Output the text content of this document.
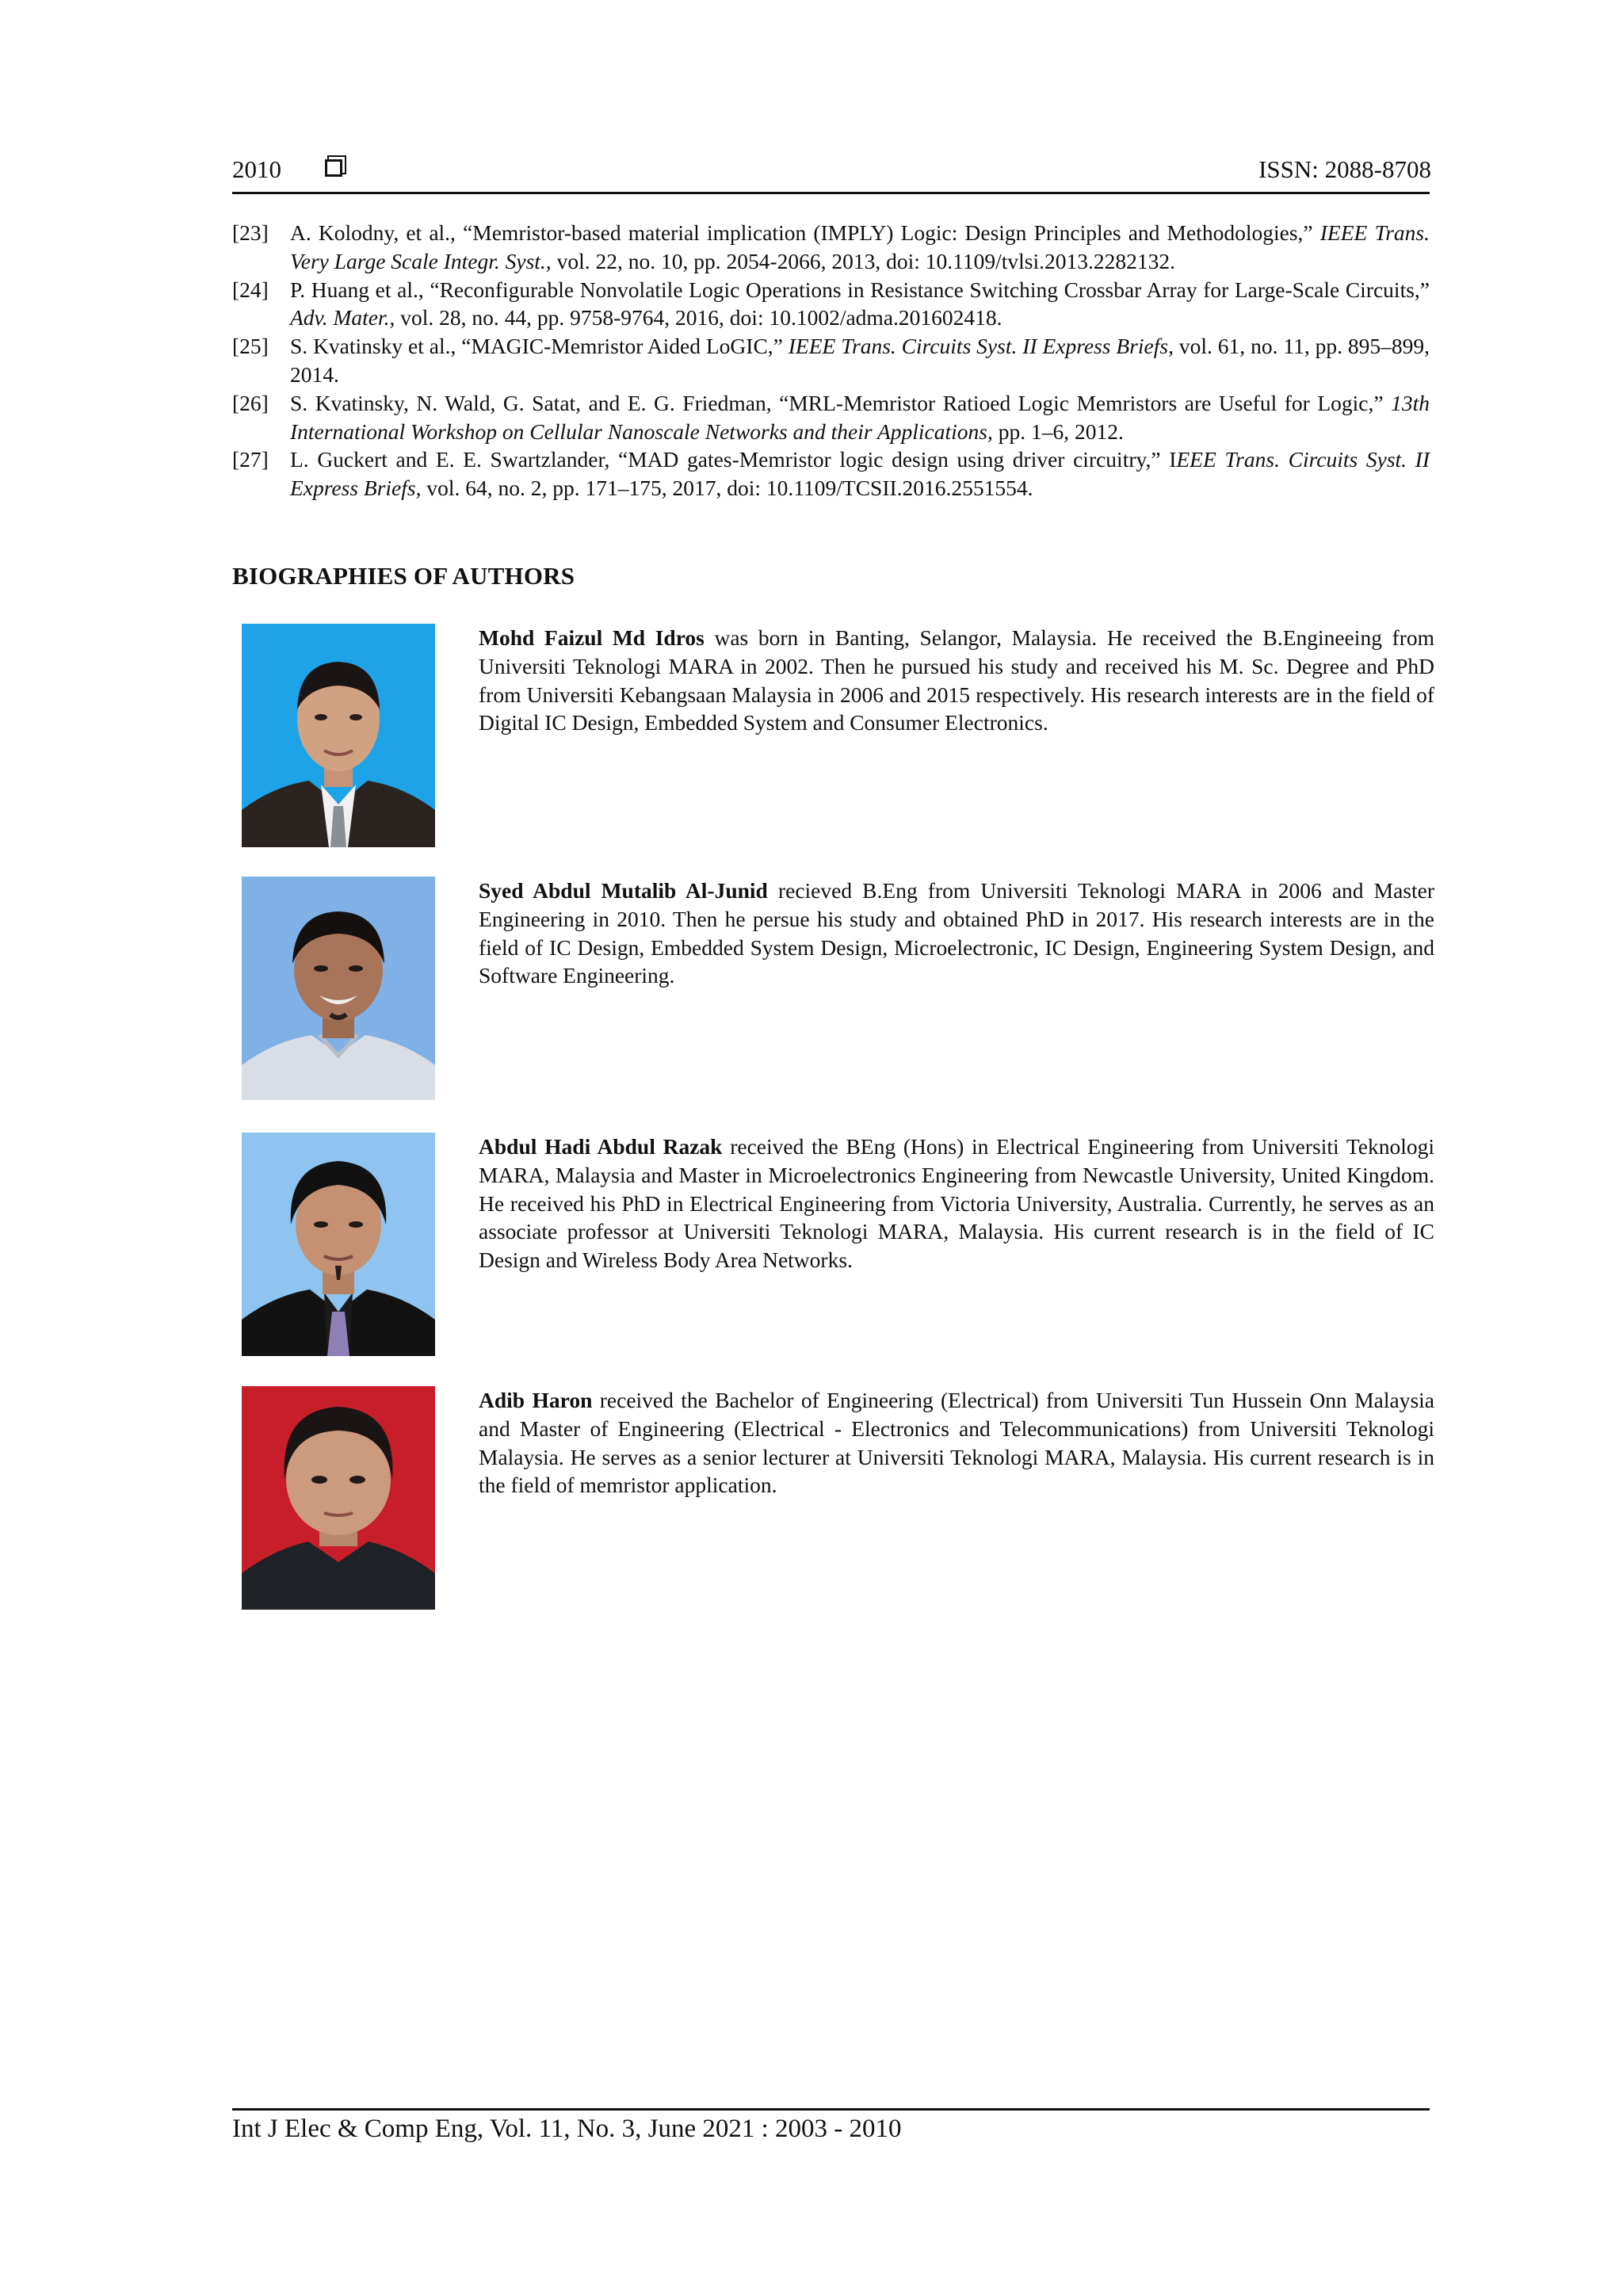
2010	ISSN: 2088-8708
[23] A. Kolodny, et al., “Memristor-based material implication (IMPLY) Logic: Design Principles and Methodologies,” IEEE Trans. Very Large Scale Integr. Syst., vol. 22, no. 10, pp. 2054-2066, 2013, doi: 10.1109/tvlsi.2013.2282132.
[24] P. Huang et al., “Reconfigurable Nonvolatile Logic Operations in Resistance Switching Crossbar Array for Large-Scale Circuits,” Adv. Mater., vol. 28, no. 44, pp. 9758-9764, 2016, doi: 10.1002/adma.201602418.
[25] S. Kvatinsky et al., “MAGIC-Memristor Aided LoGIC,” IEEE Trans. Circuits Syst. II Express Briefs, vol. 61, no. 11, pp. 895–899, 2014.
[26] S. Kvatinsky, N. Wald, G. Satat, and E. G. Friedman, “MRL-Memristor Ratioed Logic Memristors are Useful for Logic,” 13th International Workshop on Cellular Nanoscale Networks and their Applications, pp. 1–6, 2012.
[27] L. Guckert and E. E. Swartzlander, “MAD gates-Memristor logic design using driver circuitry,” IEEE Trans. Circuits Syst. II Express Briefs, vol. 64, no. 2, pp. 171–175, 2017, doi: 10.1109/TCSII.2016.2551554.
BIOGRAPHIES OF AUTHORS
Mohd Faizul Md Idros was born in Banting, Selangor, Malaysia. He received the B.Engineeing from Universiti Teknologi MARA in 2002. Then he pursued his study and received his M. Sc. Degree and PhD from Universiti Kebangsaan Malaysia in 2006 and 2015 respectively. His research interests are in the field of Digital IC Design, Embedded System and Consumer Electronics.
Syed Abdul Mutalib Al-Junid recieved B.Eng from Universiti Teknologi MARA in 2006 and Master Engineering in 2010. Then he persue his study and obtained PhD in 2017. His research interests are in the field of IC Design, Embedded System Design, Microelectronic, IC Design, Engineering System Design, and Software Engineering.
Abdul Hadi Abdul Razak received the BEng (Hons) in Electrical Engineering from Universiti Teknologi MARA, Malaysia and Master in Microelectronics Engineering from Newcastle University, United Kingdom. He received his PhD in Electrical Engineering from Victoria University, Australia. Currently, he serves as an associate professor at Universiti Teknologi MARA, Malaysia. His current research is in the field of IC Design and Wireless Body Area Networks.
Adib Haron received the Bachelor of Engineering (Electrical) from Universiti Tun Hussein Onn Malaysia and Master of Engineering (Electrical - Electronics and Telecommunications) from Universiti Teknologi Malaysia. He serves as a senior lecturer at Universiti Teknologi MARA, Malaysia. His current research is in the field of memristor application.
Int J Elec & Comp Eng, Vol. 11, No. 3, June 2021 : 2003 - 2010
